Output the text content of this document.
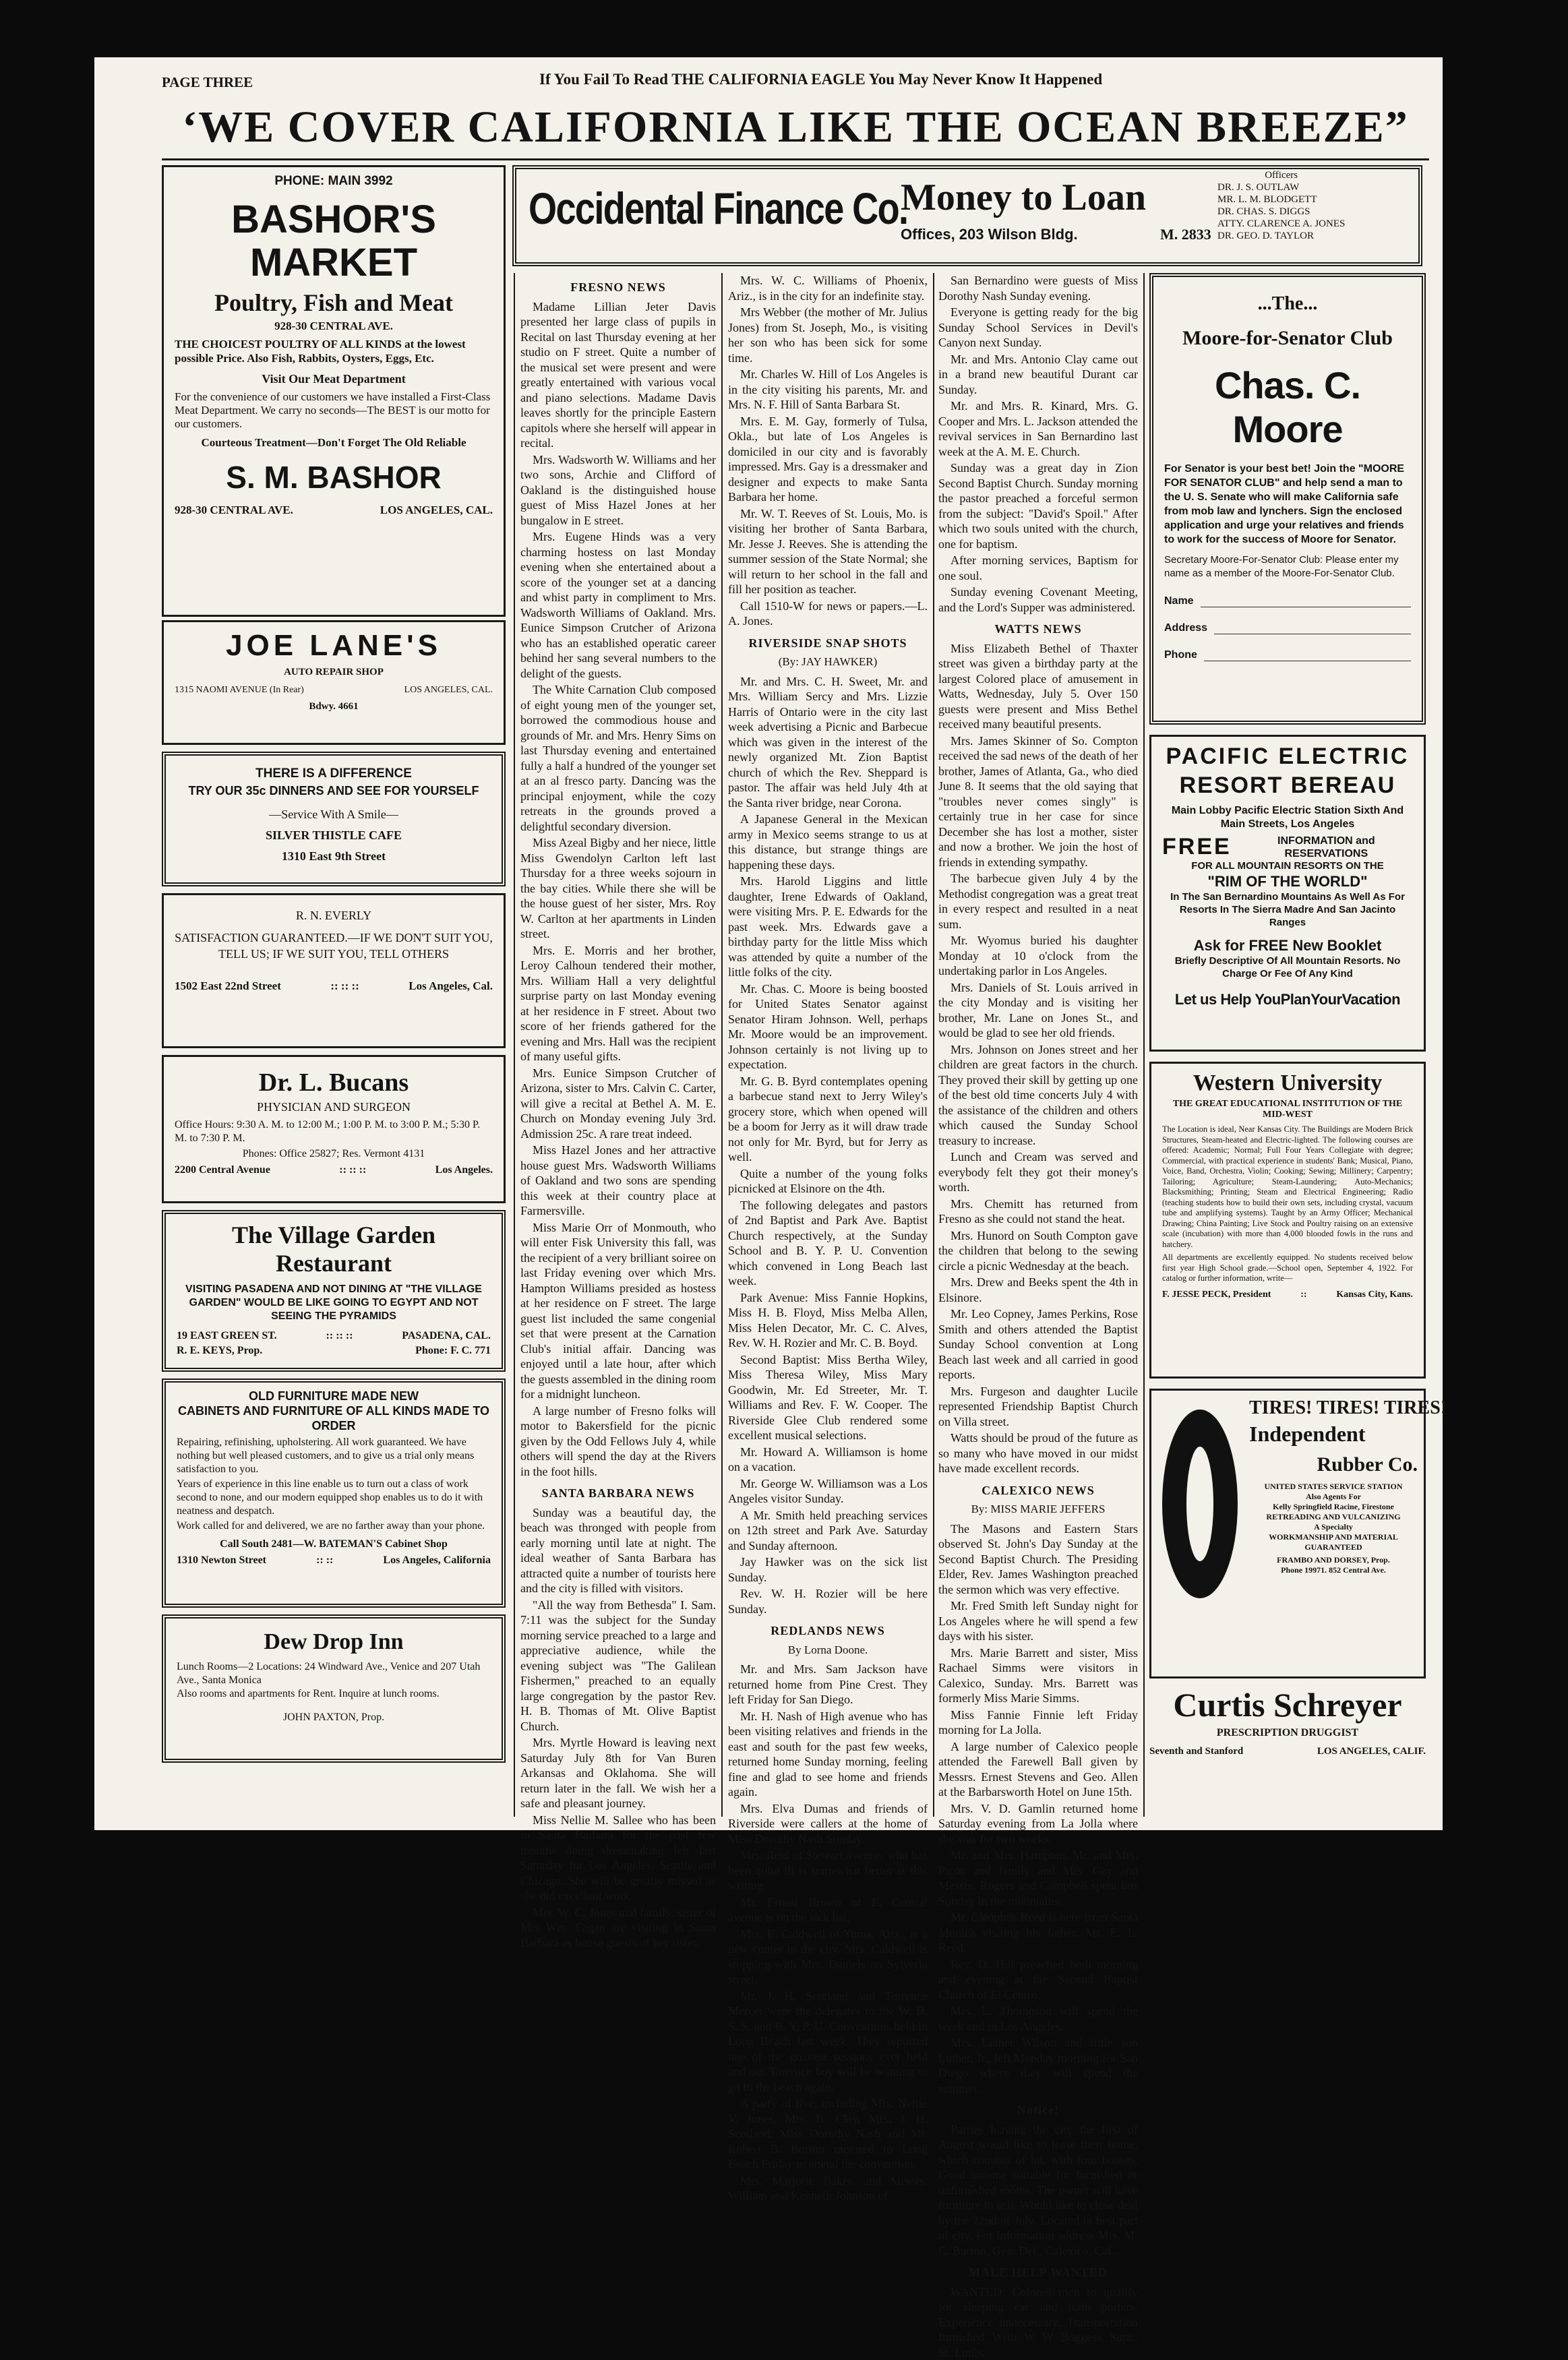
PAGE THREE	If You Fail To Read THE CALIFORNIA EAGLE You May Never Know It Happened
‘WE COVER CALIFORNIA LIKE THE OCEAN BREEZE”
Occidental Finance Co.
Money to Loan
Offices, 203 Wilson Bldg.	M. 2833
Officers
DR. J. S. OUTLAW
MR. L. M. BLODGETT
DR. CHAS. S. DIGGS
ATTY. CLARENCE A. JONES
DR. GEO. D. TAYLOR
PHONE: MAIN 3992
BASHOR'S
MARKET
Poultry, Fish and Meat
928-30 CENTRAL AVE.
THE CHOICEST POULTRY OF ALL KINDS at the lowest possible Price. Also Fish, Rabbits, Oysters, Eggs, Etc.
Visit Our Meat Department
For the convenience of our customers we have installed a First-Class Meat Department. We carry no seconds—The BEST is our motto for our customers.
Courteous Treatment—Don't Forget The Old Reliable
S. M. BASHOR
928-30 CENTRAL AVE.	LOS ANGELES, CAL.
JOE LANE'S
AUTO REPAIR SHOP
1315 NAOMI AVENUE (In Rear)	LOS ANGELES, CAL.
Bdwy. 4661
THERE IS A DIFFERENCE
TRY OUR 35c DINNERS AND SEE FOR YOURSELF
—Service With A Smile—
SILVER THISTLE CAFE
1310 East 9th Street
R. N. EVERLY
SATISFACTION GUARANTEED.—IF WE DON'T SUIT YOU, TELL US; IF WE SUIT YOU, TELL OTHERS
1502 East 22nd Street	:: :: ::	Los Angeles, Cal.
Dr. L. Bucans
PHYSICIAN AND SURGEON
Office Hours: 9:30 A. M. to 12:00 M.; 1:00 P. M. to 3:00 P. M.; 5:30 P. M. to 7:30 P. M.
Phones: Office 25827; Res. Vermont 4131
2200 Central Avenue	:: :: ::	Los Angeles.
The Village Garden
Restaurant
VISITING PASADENA AND NOT DINING AT "THE VILLAGE GARDEN" WOULD BE LIKE GOING TO EGYPT AND NOT SEEING THE PYRAMIDS
19 EAST GREEN ST.	:: :: ::	PASADENA, CAL.
R. E. KEYS, Prop.	Phone: F. C. 771
OLD FURNITURE MADE NEW
CABINETS AND FURNITURE OF ALL KINDS MADE TO ORDER
Repairing, refinishing, upholstering. All work guaranteed. We have nothing but well pleased customers, and to give us a trial only means satisfaction to you.
Years of experience in this line enable us to turn out a class of work second to none, and our modern equipped shop enables us to do it with neatness and despatch.
Work called for and delivered, we are no farther away than your phone.
Call South 2481—W. BATEMAN'S Cabinet Shop
1310 Newton Street	:: ::	Los Angeles, California
Dew Drop Inn
Lunch Rooms—2 Locations: 24 Windward Ave., Venice and 207 Utah Ave., Santa Monica
Also rooms and apartments for Rent. Inquire at lunch rooms.
JOHN PAXTON, Prop.
FRESNO NEWS

Madame Lillian Jeter Davis presented her large class of pupils in Recital on last Thursday evening at her studio on F street. Quite a number of the musical set were present and were greatly entertained with various vocal and piano selections. Madame Davis leaves shortly for the principle Eastern capitols where she herself will appear in recital.

Mrs. Wadsworth W. Williams and her two sons, Archie and Clifford of Oakland is the distinguished house guest of Miss Hazel Jones at her bungalow in E street.

Mrs. Eugene Hinds was a very charming hostess on last Monday evening when she entertained about a score of the younger set at a dancing and whist party in compliment to Mrs. Wadsworth Williams of Oakland. Mrs. Eunice Simpson Crutcher of Arizona who has an established operatic career behind her sang several numbers to the delight of the guests.

The White Carnation Club composed of eight young men of the younger set, borrowed the commodious house and grounds of Mr. and Mrs. Henry Sims on last Thursday evening and entertained fully a half a hundred of the younger set at an al fresco party. Dancing was the principal enjoyment, while the cozy retreats in the grounds proved a delightful secondary diversion.

Miss Azeal Bigby and her niece, little Miss Gwendolyn Carlton left last Thursday for a three weeks sojourn in the bay cities. While there she will be the house guest of her sister, Mrs. Roy W. Carlton at her apartments in Linden street.

Mrs. E. Morris and her brother, Leroy Calhoun tendered their mother, Mrs. William Hall a very delightful surprise party on last Monday evening at her residence in F street. About two score of her friends gathered for the evening and Mrs. Hall was the recipient of many useful gifts.

Mrs. Eunice Simpson Crutcher of Arizona, sister to Mrs. Calvin C. Carter, will give a recital at Bethel A. M. E. Church on Monday evening July 3rd. Admission 25c. A rare treat indeed.

Miss Hazel Jones and her attractive house guest Mrs. Wadsworth Williams of Oakland and two sons are spending this week at their country place at Farmersville.

Miss Marie Orr of Monmouth, who will enter Fisk University this fall, was the recipient of a very brilliant soiree on last Friday evening over which Mrs. Hampton Williams presided as hostess at her residence on F street. The large guest list included the same congenial set that were present at the Carnation Club's initial affair. Dancing was enjoyed until a late hour, after which the guests assembled in the dining room for a midnight luncheon.

A large number of Fresno folks will motor to Bakersfield for the picnic given by the Odd Fellows July 4, while others will spend the day at the Rivers in the foot hills.

SANTA BARBARA NEWS

Sunday was a beautiful day, the beach was thronged with people from early morning until late at night. The ideal weather of Santa Barbara has attracted quite a number of tourists here and the city is filled with visitors.

"All the way from Bethesda" I. Sam. 7:11 was the subject for the Sunday morning service preached to a large and appreciative audience, while the evening subject was "The Galilean Fishermen," preached to an equally large congregation by the pastor Rev. H. B. Thomas of Mt. Olive Baptist Church.

Mrs. Myrtle Howard is leaving next Saturday July 8th for Van Buren Arkansas and Oklahoma. She will return later in the fall. We wish her a safe and pleasant journey.

Miss Nellie M. Sallee who has been in Santa Barbara for the past few months doing dressmaking left last Saturday for Los Angeles, Seattle and Chicago. She will be greatly missed as she did excellent work.

Mrs. W. C. Jones and family, sister of Mrs Wm. Fagan are visiting in Santa Barbara as house guests of her sister.

Mrs. W. C. Williams of Phoenix, Ariz., is in the city for an indefinite stay.

Mrs Webber (the mother of Mr. Julius Jones) from St. Joseph, Mo., is visiting her son who has been sick for some time.

Mr. Charles W. Hill of Los Angeles is in the city visiting his parents, Mr. and Mrs. N. F. Hill of Santa Barbara St.

Mrs. E. M. Gay, formerly of Tulsa, Okla., but late of Los Angeles is domiciled in our city and is favorably impressed. Mrs. Gay is a dressmaker and designer and expects to make Santa Barbara her home.

Mr. W. T. Reeves of St. Louis, Mo. is visiting her brother of Santa Barbara, Mr. Jesse J. Reeves. She is attending the summer session of the State Normal; she will return to her school in the fall and fill her position as teacher.

Call 1510-W for news or papers.—L. A. Jones.

RIVERSIDE SNAP SHOTS
(By: JAY HAWKER)

Mr. and Mrs. C. H. Sweet, Mr. and Mrs. William Sercy and Mrs. Lizzie Harris of Ontario were in the city last week advertising a Picnic and Barbecue which was given in the interest of the newly organized Mt. Zion Baptist church of which the Rev. Sheppard is pastor. The affair was held July 4th at the Santa river bridge, near Corona.

A Japanese General in the Mexican army in Mexico seems strange to us at this distance, but strange things are happening these days.

Mrs. Harold Liggins and little daughter, Irene Edwards of Oakland, were visiting Mrs. P. E. Edwards for the past week. Mrs. Edwards gave a birthday party for the little Miss which was attended by quite a number of the little folks of the city.

Mr. Chas. C. Moore is being boosted for United States Senator against Senator Hiram Johnson. Well, perhaps Mr. Moore would be an improvement. Johnson certainly is not living up to expectation.

Mr. G. B. Byrd contemplates opening a barbecue stand next to Jerry Wiley's grocery store, which when opened will be a boom for Jerry as it will draw trade not only for Mr. Byrd, but for Jerry as well.

Quite a number of the young folks picnicked at Elsinore on the 4th.

The following delegates and pastors of 2nd Baptist and Park Ave. Baptist Church respectively, at the Sunday School and B. Y. P. U. Convention which convened in Long Beach last week.

Park Avenue: Miss Fannie Hopkins, Miss H. B. Floyd, Miss Melba Allen, Miss Helen Decator, Mr. C. C. Alves, Rev. W. H. Rozier and Mr. C. B. Boyd.

Second Baptist: Miss Bertha Wiley, Miss Theresa Wiley, Miss Mary Goodwin, Mr. Ed Streeter, Mr. T. Williams and Rev. F. W. Cooper. The Riverside Glee Club rendered some excellent musical selections.

Mr. Howard A. Williamson is home on a vacation.

Mr. George W. Williamson was a Los Angeles visitor Sunday.

A Mr. Smith held preaching services on 12th street and Park Ave. Saturday and Sunday afternoon.

Jay Hawker was on the sick list Sunday.

Rev. W. H. Rozier will be here Sunday.

REDLANDS NEWS
By Lorna Doone.

Mr. and Mrs. Sam Jackson have returned home from Pine Crest. They left Friday for San Diego.

Mr. H. Nash of High avenue who has been visiting relatives and friends in the east and south for the past few weeks, returned home Sunday morning, feeling fine and glad to see home and friends again.

Mrs. Elva Dumas and friends of Riverside were callers at the home of Miss Dorothy Nash Sunday.

Mrs. Reid of Stewart avenue, who has been quite ill is somewhat better at this writing.

Mr. Ernest Brown of E. Central avenue is on the sick list.

Mrs. E. Caldwell of Yuma, Ariz., is a new comer in the city. Mrs. Caldwell is stopping with Mrs. Daniels on Sylveria street.

Mr. J. H. Scotland and Torrence Mercer were the delegates to the W. B. S. S. and B. Y. P. U. Conventions held in Long Beach last week. They reported one of the greatest sessions ever held and our Torrence boy will be wanting to go to the beach again.

A party of five, including Mrs. Nettie V. Jones, Mrs. B. Clay, Mrs. J. H. Scotland, Miss Dorothy Nash and Mr. Robert B. Burton motored to Long Beach Friday to attend the convention.

Mrs. Marjorie Baker, and Messrs. William and Kenneth Johnson of

San Bernardino were guests of Miss Dorothy Nash Sunday evening.

Everyone is getting ready for the big Sunday School Services in Devil's Canyon next Sunday.

Mr. and Mrs. Antonio Clay came out in a brand new beautiful Durant car Sunday.

Mr. and Mrs. R. Kinard, Mrs. G. Cooper and Mrs. L. Jackson attended the revival services in San Bernardino last week at the A. M. E. Church.

Sunday was a great day in Zion Second Baptist Church. Sunday morning the pastor preached a forceful sermon from the subject: "David's Spoil." After which two souls united with the church, one for baptism.

After morning services, Baptism for one soul.

Sunday evening Covenant Meeting, and the Lord's Supper was administered.

WATTS NEWS

Miss Elizabeth Bethel of Thaxter street was given a birthday party at the largest Colored place of amusement in Watts, Wednesday, July 5. Over 150 guests were present and Miss Bethel received many beautiful presents.

Mrs. James Skinner of So. Compton received the sad news of the death of her brother, James of Atlanta, Ga., who died June 8. It seems that the old saying that "troubles never comes singly" is certainly true in her case for since December she has lost a mother, sister and now a brother. We join the host of friends in extending sympathy.

The barbecue given July 4 by the Methodist congregation was a great treat in every respect and resulted in a neat sum.

Mr. Wyomus buried his daughter Monday at 10 o'clock from the undertaking parlor in Los Angeles.

Mrs. Daniels of St. Louis arrived in the city Monday and is visiting her brother, Mr. Lane on Jones St., and would be glad to see her old friends.

Mrs. Johnson on Jones street and her children are great factors in the church. They proved their skill by getting up one of the best old time concerts July 4 with the assistance of the children and others which caused the Sunday School treasury to increase.

Lunch and Cream was served and everybody felt they got their money's worth.

Mrs. Chemitt has returned from Fresno as she could not stand the heat.

Mrs. Hunord on South Compton gave the children that belong to the sewing circle a picnic Wednesday at the beach.

Mrs. Drew and Beeks spent the 4th in Elsinore.

Mr. Leo Copney, James Perkins, Rose Smith and others attended the Baptist Sunday School convention at Long Beach last week and all carried in good reports.

Mrs. Furgeson and daughter Lucile represented Friendship Baptist Church on Villa street.

Watts should be proud of the future as so many who have moved in our midst have made excellent records.

CALEXICO NEWS
By: MISS MARIE JEFFERS

The Masons and Eastern Stars observed St. John's Day Sunday at the Second Baptist Church. The Presiding Elder, Rev. James Washington preached the sermon which was very effective.

Mr. Fred Smith left Sunday night for Los Angeles where he will spend a few days with his sister.

Mrs. Marie Barrett and sister, Miss Rachael Simms were visitors in Calexico, Sunday. Mrs. Barrett was formerly Miss Marie Simms.

Miss Fannie Finnie left Friday morning for La Jolla.

A large number of Calexico people attended the Farewell Ball given by Messrs. Ernest Stevens and Geo. Allen at the Barbarsworth Hotel on June 15th.

Mrs. V. D. Gamlin returned home Saturday evening from La Jolla where she was for two weeks.

Mr. and Mrs. Hampton, Mr. and Mrs. Picon and family and Mrs. Gay and Messrs. Rogers and Campbell spent last Sunday in the mountains.

Mr. Cleophus Reed is here from Santa Monica visiting his father, Mr. E. L. Reed.

Rev. D. Hill preached both morning and evening at the Second Baptist Church of El Centro.

Mrs. L. Thompson will spend the week end in Los Angeles.

Mrs. Luther Wilson and little son Luther, Jr., left Monday morning for San Diego where they will spend the summer.

Notice!

Parties leaving the city the first of August would like to lease their home, which consists of lot, with four houses. Good income suitable for furnished or unfurnished rooms. The owner will have furniture to sell. Would like to close deal by the 22nd of July. Located in best part of city. For information address Mrs. M. C. Barron, Gen. Del., Calexico, Cal.

MALE HELP WANTED

WANTED: Colored men to qualify for sleeping car and train porters. Experience unnecessary. Transportation furnished. Write W. W. Boggess, Supt., St. Louis.

...The...
Moore-for-Senator Club
Chas. C. Moore
For Senator is your best bet! Join the "MOORE FOR SENATOR CLUB" and help send a man to the U. S. Senate who will make California safe from mob law and lynchers. Sign the enclosed application and urge your relatives and friends to work for the success of Moore for Senator.
Secretary Moore-For-Senator Club: Please enter my name as a member of the Moore-For-Senator Club.
Name
Address
Phone
PACIFIC ELECTRIC
RESORT BEREAU
Main Lobby Pacific Electric Station Sixth And Main Streets, Los Angeles
FREE	INFORMATION and RESERVATIONS
FOR ALL MOUNTAIN RESORTS ON THE
"RIM OF THE WORLD"
In The San Bernardino Mountains As Well As For Resorts In The Sierra Madre And San Jacinto Ranges
Ask for FREE New Booklet
Briefly Descriptive Of All Mountain Resorts. No Charge Or Fee Of Any Kind
Let us Help YouPlanYourVacation
Western University
THE GREAT EDUCATIONAL INSTITUTION OF THE
MID-WEST
The Location is ideal, Near Kansas City. The Buildings are Modern Brick Structures, Steam-heated and Electric-lighted. The following courses are offered: Academic; Normal; Full Four Years Collegiate with degree; Commercial, with practical experience in students' Bank; Musical, Piano, Voice, Band, Orchestra, Violin; Cooking; Sewing; Millinery; Carpentry; Tailoring; Agriculture; Steam-Laundering; Auto-Mechanics; Blacksmithing; Printing; Steam and Electrical Engineering; Radio (teaching students how to build their own sets, including crystal, vacuum tube and amplifying systems). Taught by an Army Officer; Mechanical Drawing; China Painting; Live Stock and Poultry raising on an extensive scale (incubation) with more than 4,000 blooded fowls in the runs and hatchery.
All departments are excellently equipped. No students received below first year High School grade.—School open, September 4, 1922. For catalog or further information, write—
F. JESSE PECK, President	::	Kansas City, Kans.
TIRES! TIRES! TIRES!
Independent
Rubber Co.
UNITED STATES SERVICE STATION
Also Agents For
Kelly Springfield Racine, Firestone
RETREADING AND VULCANIZING
A Specialty
WORKMANSHIP AND MATERIAL GUARANTEED
FRAMBO AND DORSEY, Prop.
Phone 19971. 852 Central Ave.
Curtis Schreyer
PRESCRIPTION DRUGGIST
Seventh and Stanford	LOS ANGELES, CALIF.
